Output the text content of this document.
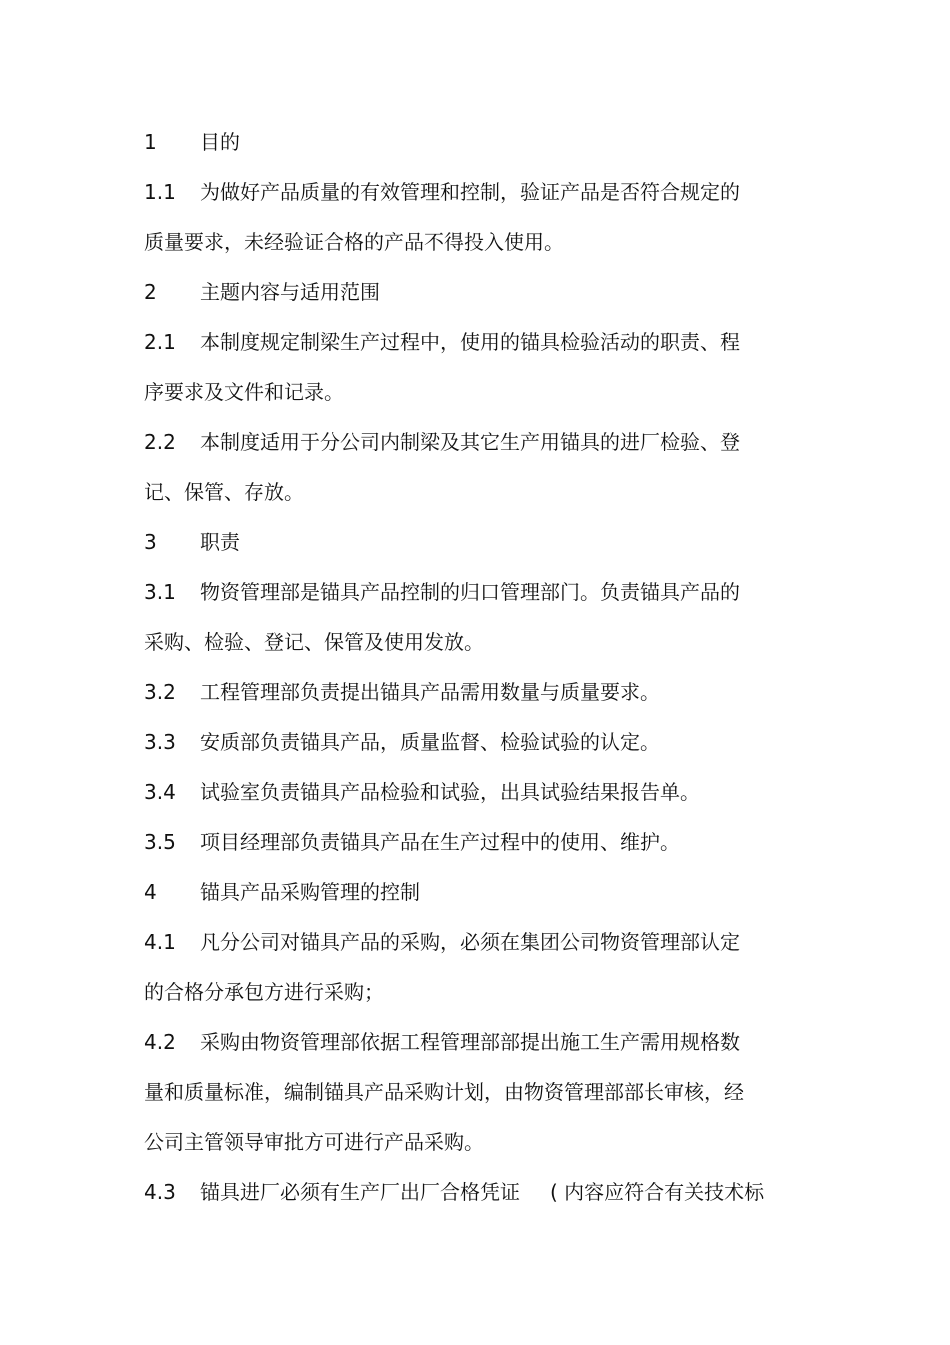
1 目的
1.1 为做好产品质量的有效管理和控制，验证产品是否符合规定的
质量要求，未经验证合格的产品不得投入使用。
2 主题内容与适用范围
2.1 本制度规定制梁生产过程中，使用的锚具检验活动的职责、程
序要求及文件和记录。
2.2 本制度适用于分公司内制梁及其它生产用锚具的进厂检验、登
记、保管、存放。
3 职责
3.1 物资管理部是锚具产品控制的归口管理部门。负责锚具产品的
采购、检验、登记、保管及使用发放。
3.2 工程管理部负责提出锚具产品需用数量与质量要求。
3.3 安质部负责锚具产品，质量监督、检验试验的认定。
3.4 试验室负责锚具产品检验和试验，出具试验结果报告单。
3.5 项目经理部负责锚具产品在生产过程中的使用、维护。
4 锚具产品采购管理的控制
4.1 凡分公司对锚具产品的采购，必须在集团公司物资管理部认定
的合格分承包方进行采购；
4.2 采购由物资管理部依据工程管理部部提出施工生产需用规格数
量和质量标准，编制锚具产品采购计划，由物资管理部部长审核，经
公司主管领导审批方可进行产品采购。
4.3 锚具进厂必须有生产厂出厂合格凭证 ( 内容应符合有关技术标
